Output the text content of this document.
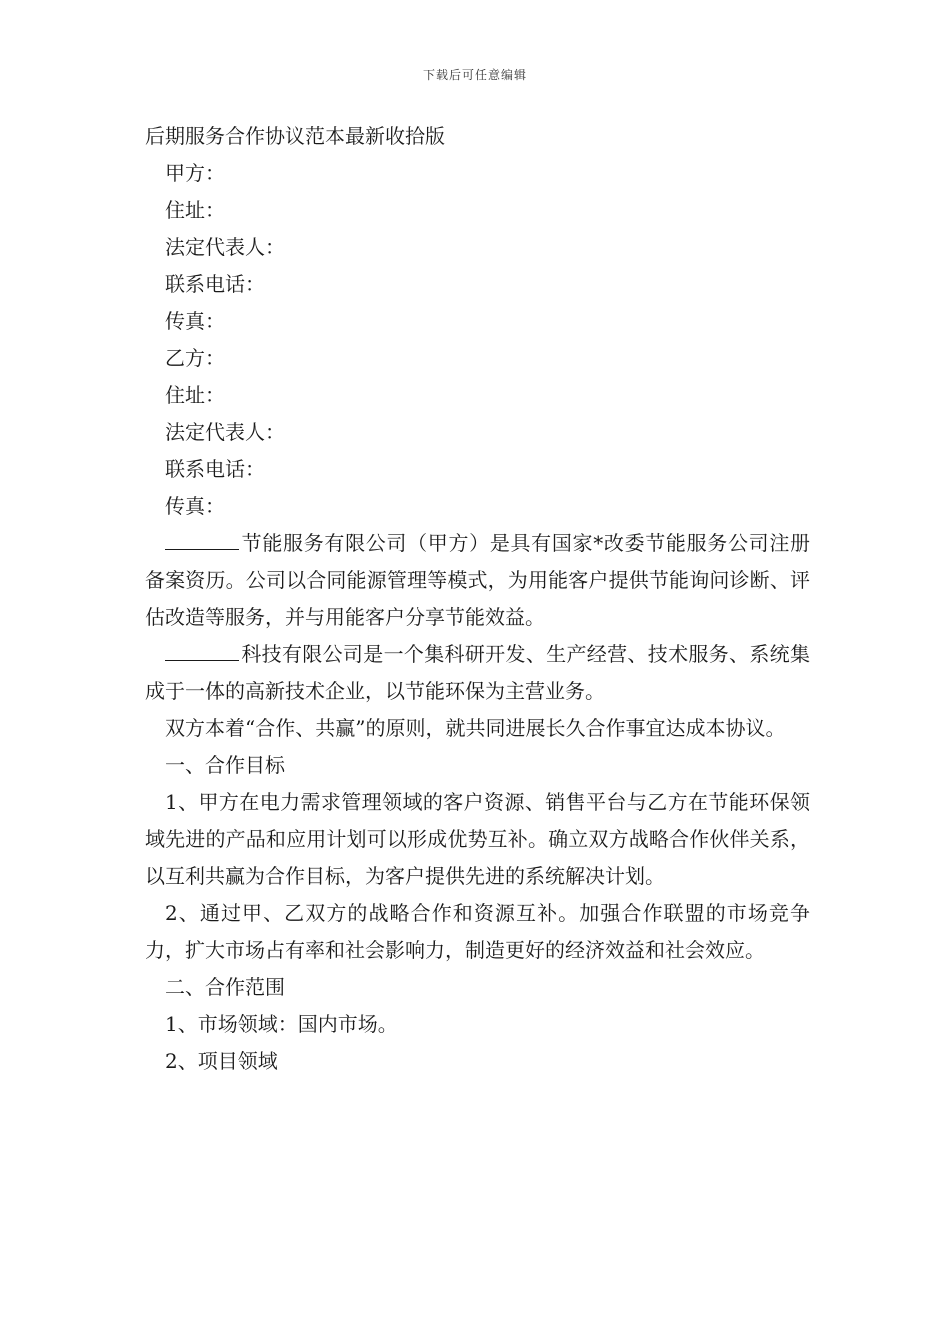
下载后可任意编辑

后期服务合作协议范本最新收拾版

甲方：

住址：

法定代表人：

联系电话：

传真：

乙方：

住址：

法定代表人：

联系电话：

传真：

节能服务有限公司（甲方）是具有国家*改委节能服务公司注册备案资历。公司以合同能源管理等模式，为用能客户提供节能询问诊断、评估改造等服务，并与用能客户分享节能效益。

科技有限公司是一个集科研开发、生产经营、技术服务、系统集成于一体的高新技术企业，以节能环保为主营业务。

双方本着“合作、共赢”的原则，就共同进展长久合作事宜达成本协议。

一、合作目标

1、甲方在电力需求管理领域的客户资源、销售平台与乙方在节能环保领域先进的产品和应用计划可以形成优势互补。确立双方战略合作伙伴关系，以互利共赢为合作目标，为客户提供先进的系统解决计划。

2、通过甲、乙双方的战略合作和资源互补。加强合作联盟的市场竞争力，扩大市场占有率和社会影响力，制造更好的经济效益和社会效应。

二、合作范围

1、市场领域：国内市场。

2、项目领域
